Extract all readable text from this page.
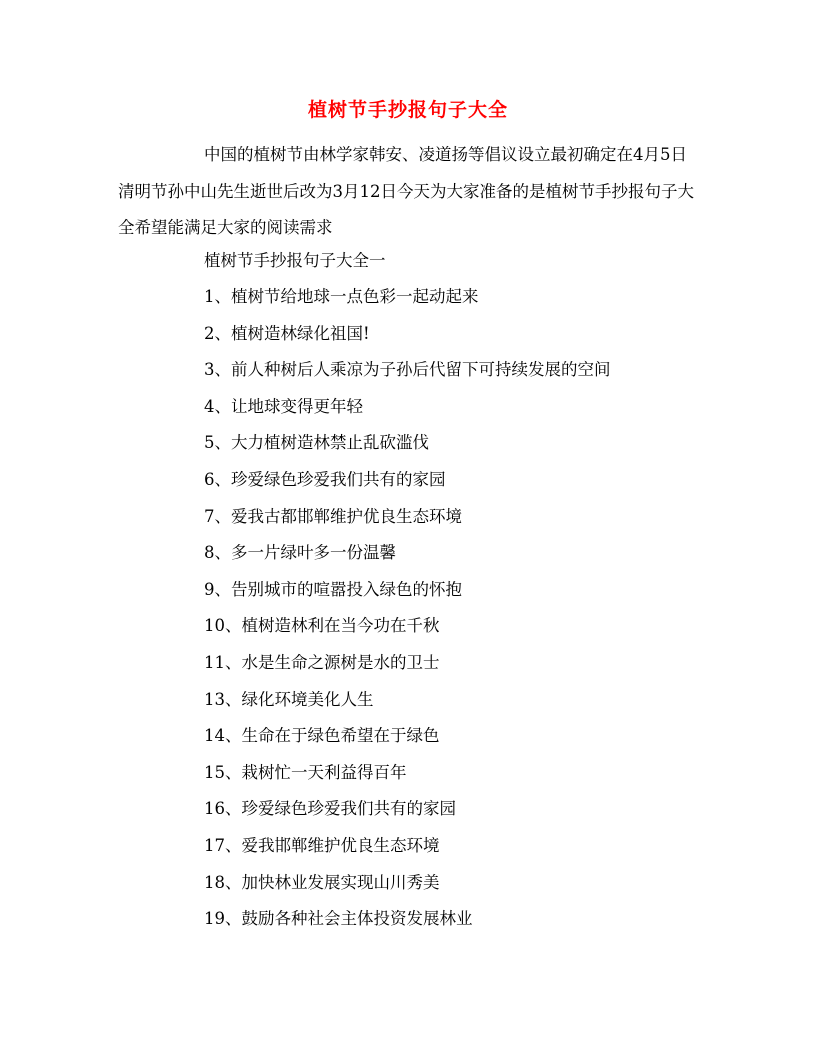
植树节手抄报句子大全

中国的植树节由林学家韩安、凌道扬等倡议设立最初确定在4月5日清明节孙中山先生逝世后改为3月12日今天为大家准备的是植树节手抄报句子大全希望能满足大家的阅读需求

植树节手抄报句子大全一

1、植树节给地球一点色彩一起动起来
2、植树造林绿化祖国!
3、前人种树后人乘凉为子孙后代留下可持续发展的空间
4、让地球变得更年轻
5、大力植树造林禁止乱砍滥伐
6、珍爱绿色珍爱我们共有的家园
7、爱我古都邯郸维护优良生态环境
8、多一片绿叶多一份温馨
9、告别城市的喧嚣投入绿色的怀抱
10、植树造林利在当今功在千秋
11、水是生命之源树是水的卫士
13、绿化环境美化人生
14、生命在于绿色希望在于绿色
15、栽树忙一天利益得百年
16、珍爱绿色珍爱我们共有的家园
17、爱我邯郸维护优良生态环境
18、加快林业发展实现山川秀美
19、鼓励各种社会主体投资发展林业
